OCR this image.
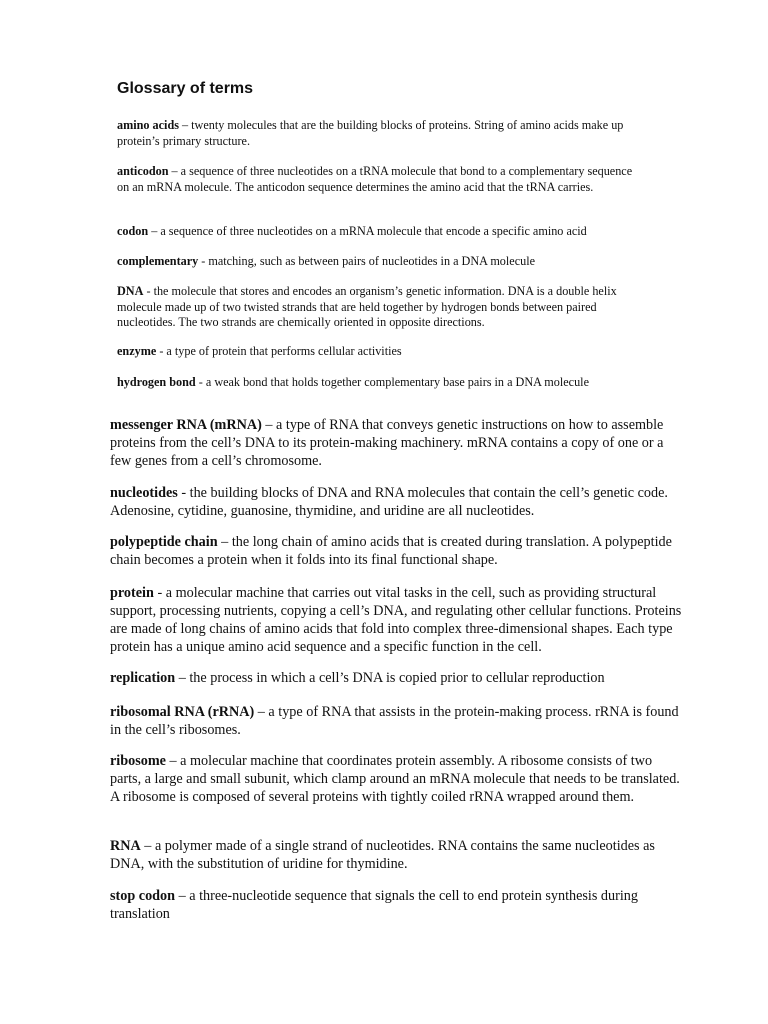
Glossary of terms

amino acids – twenty molecules that are the building blocks of proteins. String of amino acids make up protein’s primary structure.

anticodon – a sequence of three nucleotides on a tRNA molecule that bond to a complementary sequence on an mRNA molecule. The anticodon sequence determines the amino acid that the tRNA carries.

codon – a sequence of three nucleotides on a mRNA molecule that encode a specific amino acid

complementary - matching, such as between pairs of nucleotides in a DNA molecule

DNA - the molecule that stores and encodes an organism’s genetic information. DNA is a double helix molecule made up of two twisted strands that are held together by hydrogen bonds between paired nucleotides. The two strands are chemically oriented in opposite directions.

enzyme - a type of protein that performs cellular activities

hydrogen bond - a weak bond that holds together complementary base pairs in a DNA molecule

messenger RNA (mRNA) – a type of RNA that conveys genetic instructions on how to assemble proteins from the cell’s DNA to its protein-making machinery. mRNA contains a copy of one or a few genes from a cell’s chromosome.

nucleotides - the building blocks of DNA and RNA molecules that contain the cell’s genetic code. Adenosine, cytidine, guanosine, thymidine, and uridine are all nucleotides.

polypeptide chain – the long chain of amino acids that is created during translation. A polypeptide chain becomes a protein when it folds into its final functional shape.

protein - a molecular machine that carries out vital tasks in the cell, such as providing structural support, processing nutrients, copying a cell’s DNA, and regulating other cellular functions. Proteins are made of long chains of amino acids that fold into complex three-dimensional shapes. Each type protein has a unique amino acid sequence and a specific function in the cell.

replication – the process in which a cell’s DNA is copied prior to cellular reproduction

ribosomal RNA (rRNA) – a type of RNA that assists in the protein-making process. rRNA is found in the cell’s ribosomes.

ribosome – a molecular machine that coordinates protein assembly. A ribosome consists of two parts, a large and small subunit, which clamp around an mRNA molecule that needs to be translated. A ribosome is composed of several proteins with tightly coiled rRNA wrapped around them.

RNA – a polymer made of a single strand of nucleotides. RNA contains the same nucleotides as DNA, with the substitution of uridine for thymidine.

stop codon – a three-nucleotide sequence that signals the cell to end protein synthesis during translation
